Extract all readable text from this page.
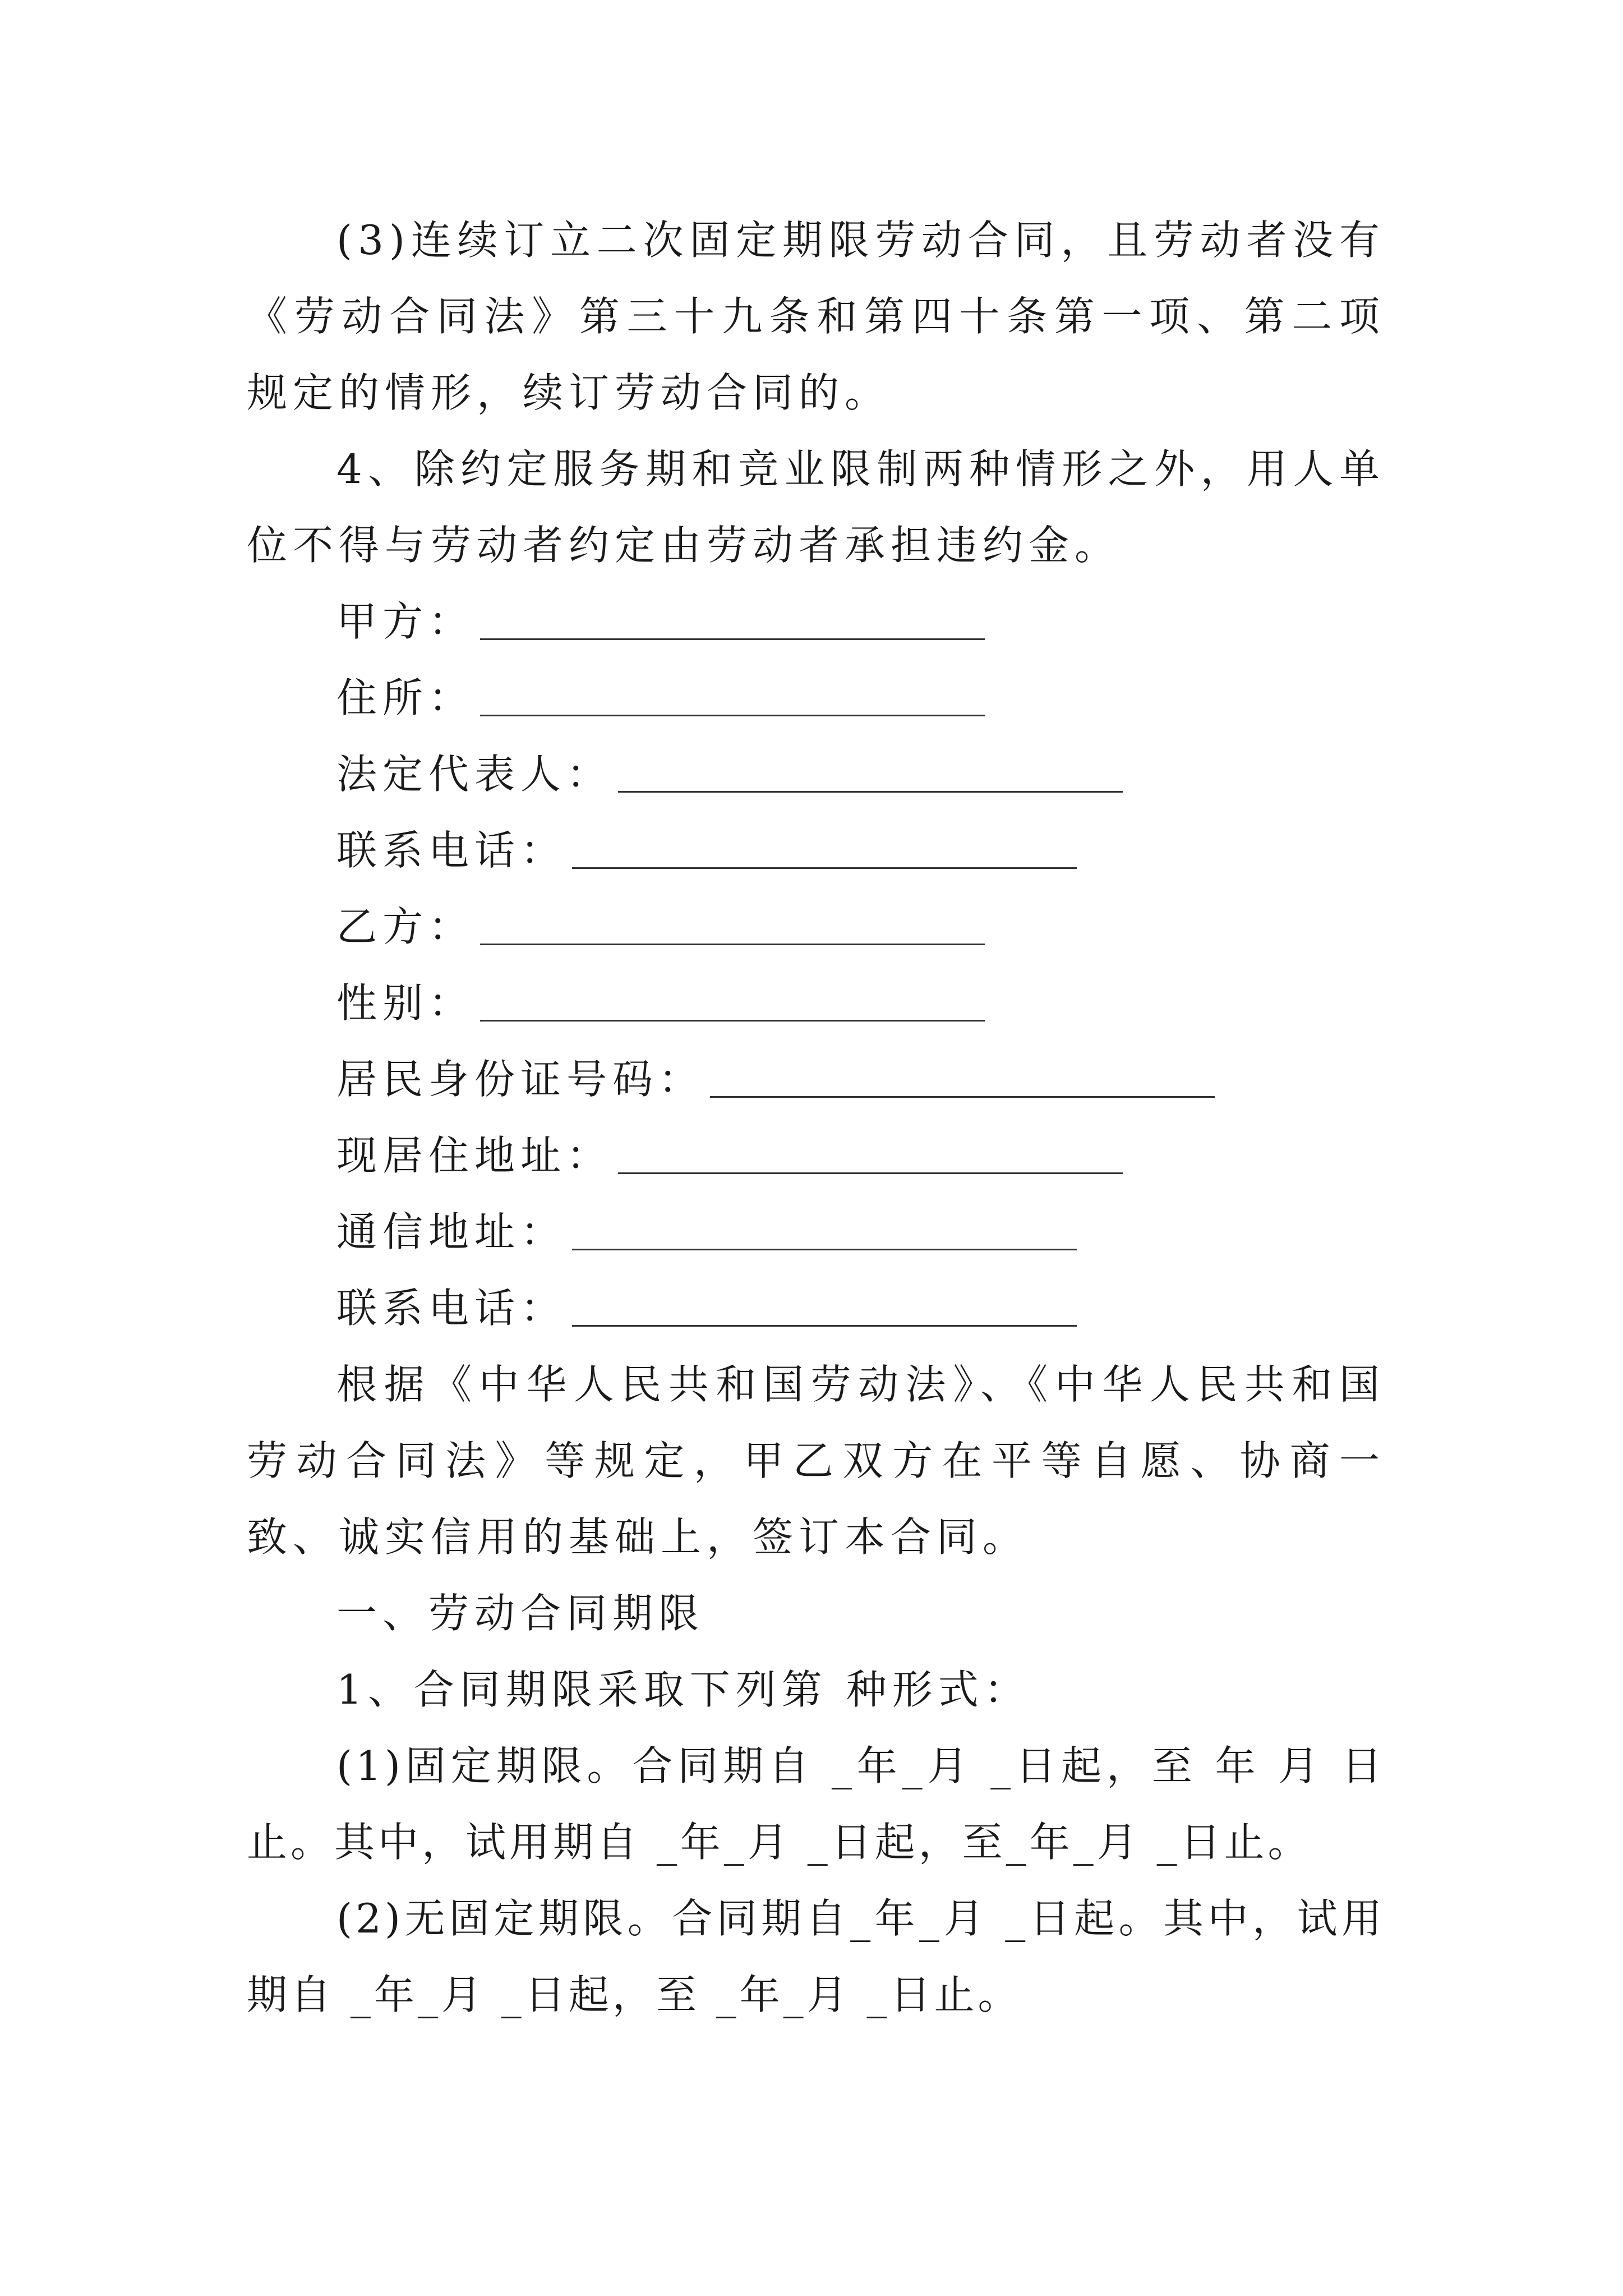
(3)连续订立二次固定期限劳动合同，且劳动者没有《劳动合同法》第三十九条和第四十条第一项、第二项规定的情形，续订劳动合同的。

4、除约定服务期和竞业限制两种情形之外，用人单位不得与劳动者约定由劳动者承担违约金。

甲方：
住所：
法定代表人：
联系电话：
乙方：
性别：
居民身份证号码：
现居住地址：
通信地址：
联系电话：

根据《中华人民共和国劳动法》、《中华人民共和国劳动合同法》等规定，甲乙双方在平等自愿、协商一致、诚实信用的基础上，签订本合同。

一、劳动合同期限

1、合同期限采取下列第 种形式：

(1)固定期限。合同期自 _年_月 _日起，至 年 月 日止。其中，试用期自 _年_月 _日起，至_年_月 _日止。

(2)无固定期限。合同期自_年_月 _日起。其中，试用期自 _年_月 _日起，至 _年_月 _日止。
